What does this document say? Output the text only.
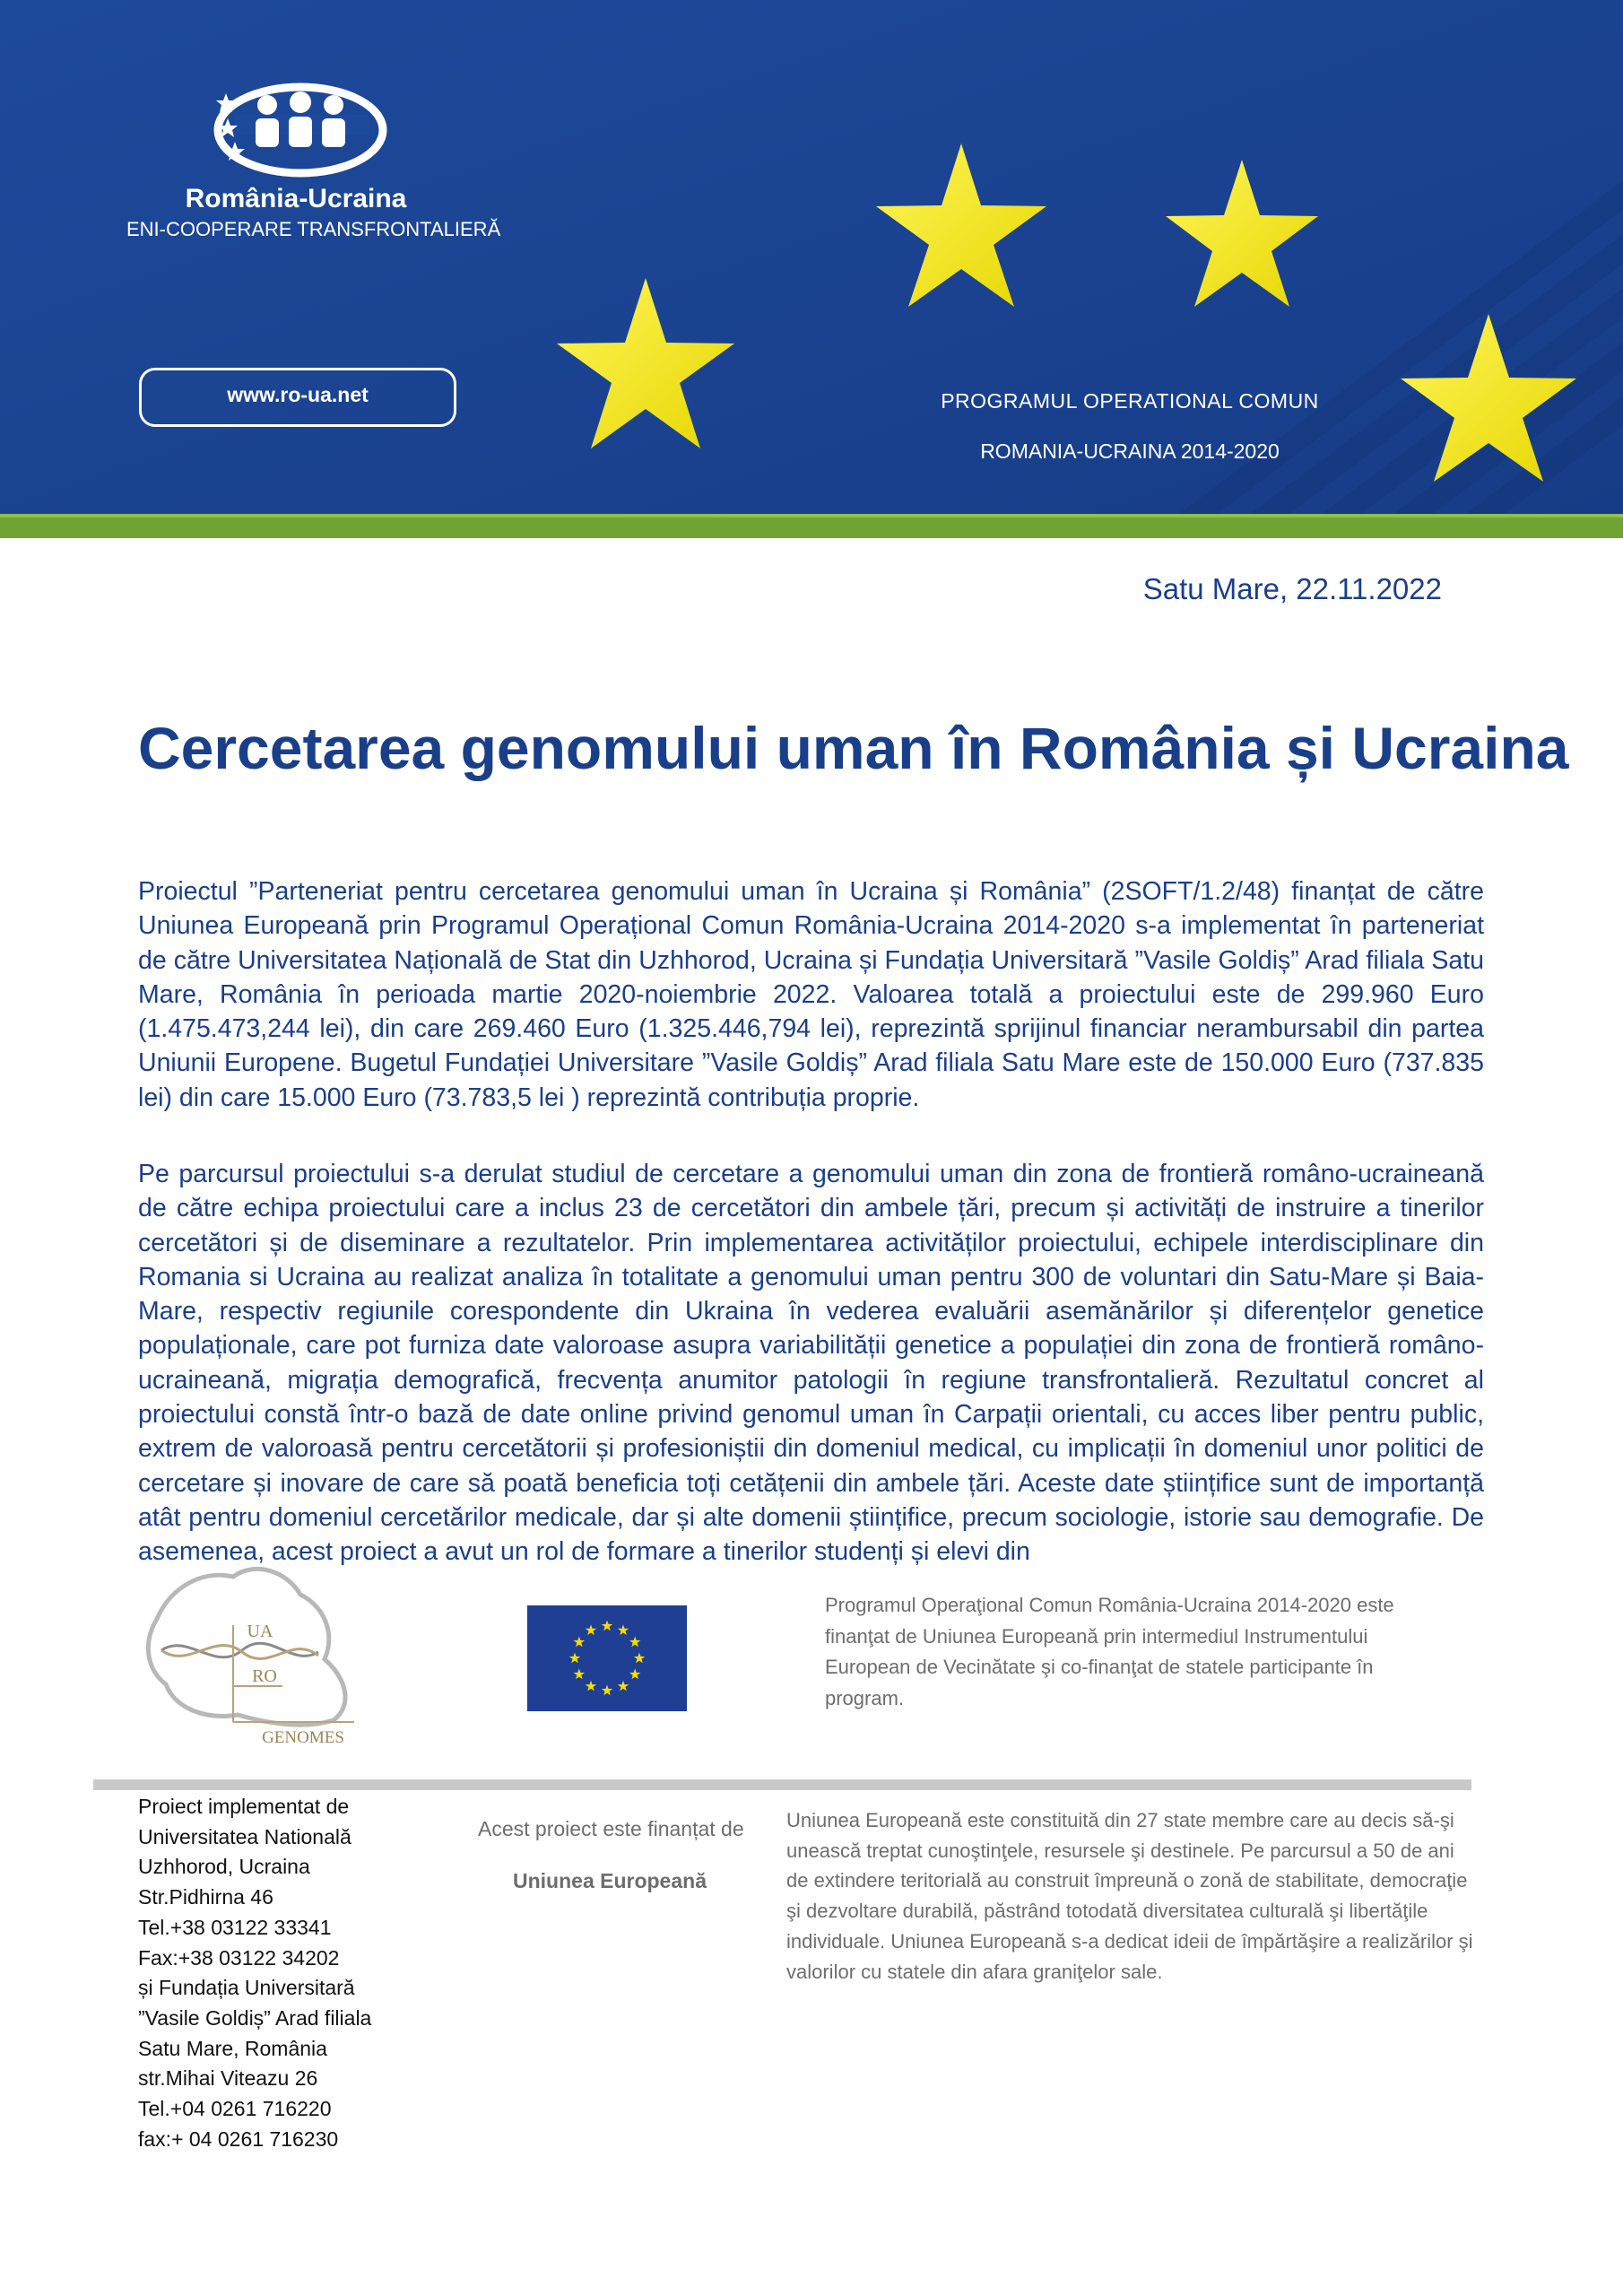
România-Ucraina
ENI-COOPERARE TRANSFRONTALIERĂ
www.ro-ua.net	PROGRAMUL OPERATIONAL COMUN
ROMANIA-UCRAINA 2014-2020
Satu Mare, 22.11.2022
Cercetarea genomului uman în România și Ucraina

Proiectul ”Parteneriat pentru cercetarea genomului uman în Ucraina și România” (2SOFT/1.2/48) finanțat de către Uniunea Europeană prin Programul Operațional Comun România-Ucraina 2014-2020 s-a implementat în parteneriat de către Universitatea Națională de Stat din Uzhhorod, Ucraina și Fundația Universitară ”Vasile Goldiș” Arad filiala Satu Mare, România în perioada martie 2020-noiembrie 2022. Valoarea totală a proiectului este de 299.960 Euro (1.475.473,244 lei), din care 269.460 Euro (1.325.446,794 lei), reprezintă sprijinul financiar nerambursabil din partea Uniunii Europene. Bugetul Fundației Universitare ”Vasile Goldiș” Arad filiala Satu Mare este de 150.000 Euro (737.835 lei) din care 15.000 Euro (73.783,5 lei ) reprezintă contribuția proprie.

Pe parcursul proiectului s-a derulat studiul de cercetare a genomului uman din zona de frontieră româno-ucraineană de către echipa proiectului care a inclus 23 de cercetători din ambele țări, precum și activități de instruire a tinerilor cercetători și de diseminare a rezultatelor. Prin implementarea activităților proiectului, echipele interdisciplinare din Romania si Ucraina au realizat analiza în totalitate a genomului uman pentru 300 de voluntari din Satu-Mare și Baia-Mare, respectiv regiunile corespondente din Ukraina în vederea evaluării asemănărilor și diferențelor genetice populaționale, care pot furniza date valoroase asupra variabilității genetice a populației din zona de frontieră româno-ucraineană, migrația demografică, frecvența anumitor patologii în regiune transfrontalieră. Rezultatul concret al proiectului constă într-o bază de date online privind genomul uman în Carpații orientali, cu acces liber pentru public, extrem de valoroasă pentru cercetătorii și profesioniștii din domeniul medical, cu implicații în domeniul unor politici de cercetare și inovare de care să poată beneficia toți cetățenii din ambele țări. Aceste date științifice sunt de importanță atât pentru domeniul cercetărilor medicale, dar și alte domenii științifice, precum sociologie, istorie sau demografie. De asemenea, acest proiect a avut un rol de formare a tinerilor studenți și elevi din

UA
RO
GENOMES

Programul Operaţional Comun România-Ucraina 2014-2020 este finanţat de Uniunea Europeană prin intermediul Instrumentului European de Vecinătate şi co-finanţat de statele participante în program.

Proiect implementat de
Universitatea Natională
Uzhhorod, Ucraina
Str.Pidhirna 46
Tel.+38 03122 33341
Fax:+38 03122 34202
și Fundația Universitară
”Vasile Goldiș” Arad filiala
Satu Mare, România
str.Mihai Viteazu 26
Tel.+04 0261 716220
fax:+ 04 0261 716230
Acest proiect este finanțat de
Uniunea Europeană

Uniunea Europeană este constituită din 27 state membre care au decis să-şi unească treptat cunoştinţele, resursele şi destinele. Pe parcursul a 50 de ani de extindere teritorială au construit împreună o zonă de stabilitate, democraţie şi dezvoltare durabilă, păstrând totodată diversitatea culturală şi libertăţile individuale. Uniunea Europeană s-a dedicat ideii de împărtăşire a realizărilor şi valorilor cu statele din afara graniţelor sale.
